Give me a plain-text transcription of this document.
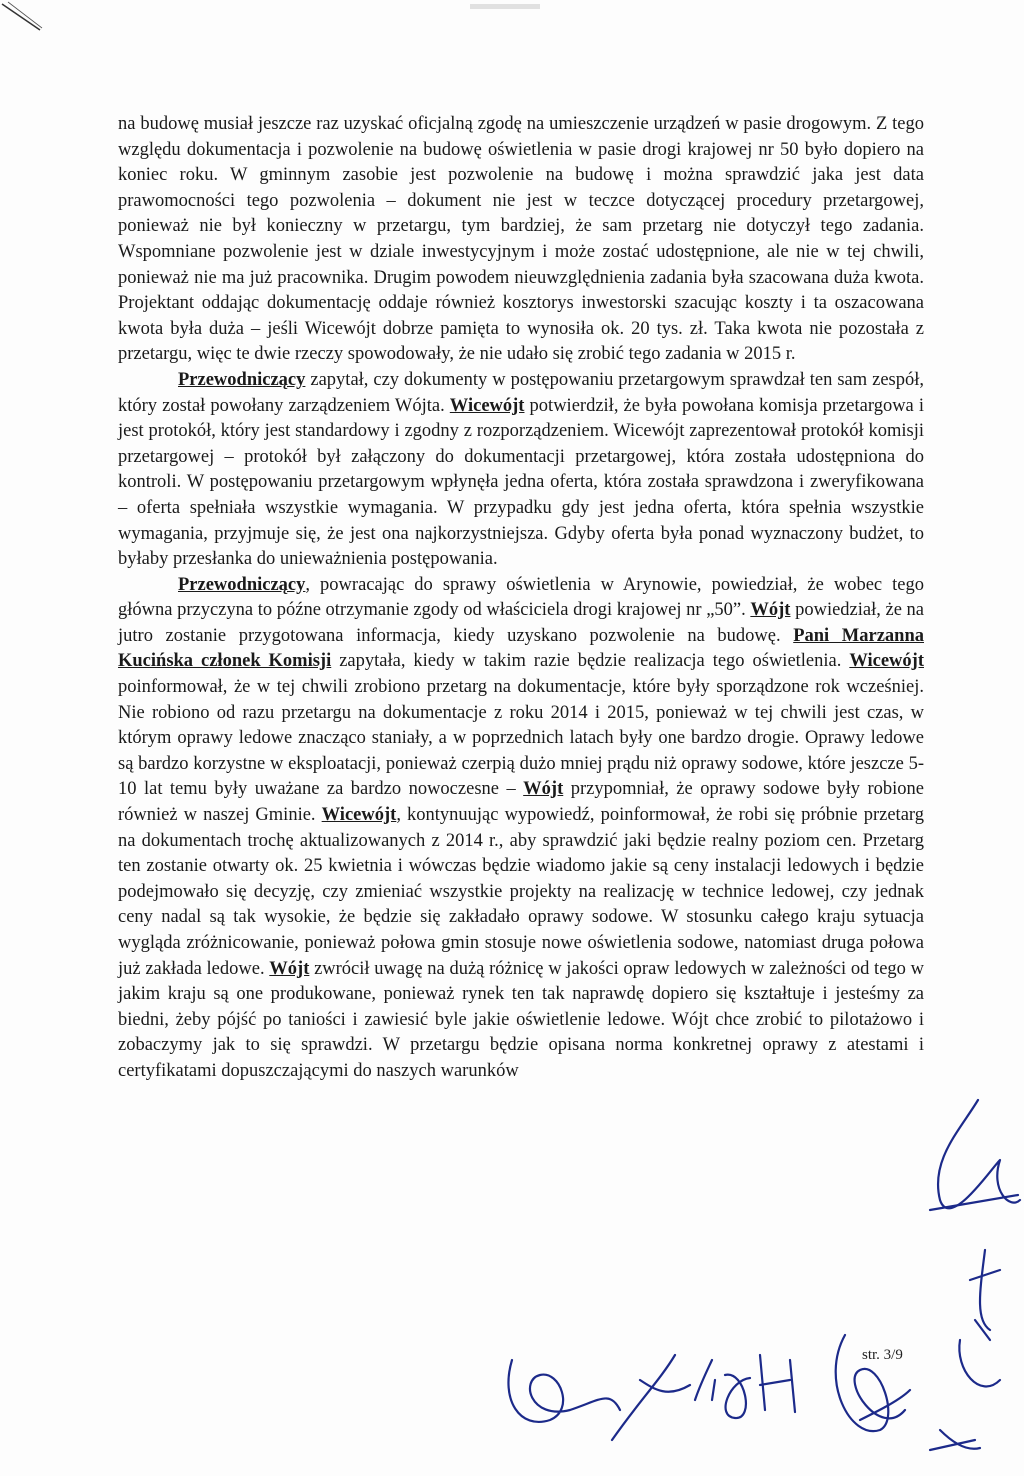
na budowę musiał jeszcze raz uzyskać oficjalną zgodę na umieszczenie urządzeń w pasie drogowym. Z tego względu dokumentacja i pozwolenie na budowę oświetlenia w pasie drogi krajowej nr 50 było dopiero na koniec roku. W gminnym zasobie jest pozwolenie na budowę i można sprawdzić jaka jest data prawomocności tego pozwolenia – dokument nie jest w teczce dotyczącej procedury przetargowej, ponieważ nie był konieczny w przetargu, tym bardziej, że sam przetarg nie dotyczył tego zadania. Wspomniane pozwolenie jest w dziale inwestycyjnym i może zostać udostępnione, ale nie w tej chwili, ponieważ nie ma już pracownika. Drugim powodem nieuwzględnienia zadania była szacowana duża kwota. Projektant oddając dokumentację oddaje również kosztorys inwestorski szacując koszty i ta oszacowana kwota była duża – jeśli Wicewójt dobrze pamięta to wynosiła ok. 20 tys. zł. Taka kwota nie pozostała z przetargu, więc te dwie rzeczy spowodowały, że nie udało się zrobić tego zadania w 2015 r.

Przewodniczący zapytał, czy dokumenty w postępowaniu przetargowym sprawdzał ten sam zespół, który został powołany zarządzeniem Wójta. Wicewójt potwierdził, że była powołana komisja przetargowa i jest protokół, który jest standardowy i zgodny z rozporządzeniem. Wicewójt zaprezentował protokół komisji przetargowej – protokół był załączony do dokumentacji przetargowej, która została udostępniona do kontroli. W postępowaniu przetargowym wpłynęła jedna oferta, która została sprawdzona i zweryfikowana – oferta spełniała wszystkie wymagania. W przypadku gdy jest jedna oferta, która spełnia wszystkie wymagania, przyjmuje się, że jest ona najkorzystniejsza. Gdyby oferta była ponad wyznaczony budżet, to byłaby przesłanka do unieważnienia postępowania.

Przewodniczący, powracając do sprawy oświetlenia w Arynowie, powiedział, że wobec tego główna przyczyna to późne otrzymanie zgody od właściciela drogi krajowej nr „50”. Wójt powiedział, że na jutro zostanie przygotowana informacja, kiedy uzyskano pozwolenie na budowę. Pani Marzanna Kucińska członek Komisji zapytała, kiedy w takim razie będzie realizacja tego oświetlenia. Wicewójt poinformował, że w tej chwili zrobiono przetarg na dokumentacje, które były sporządzone rok wcześniej. Nie robiono od razu przetargu na dokumentacje z roku 2014 i 2015, ponieważ w tej chwili jest czas, w którym oprawy ledowe znacząco staniały, a w poprzednich latach były one bardzo drogie. Oprawy ledowe są bardzo korzystne w eksploatacji, ponieważ czerpią dużo mniej prądu niż oprawy sodowe, które jeszcze 5-10 lat temu były uważane za bardzo nowoczesne – Wójt przypomniał, że oprawy sodowe były robione również w naszej Gminie. Wicewójt, kontynuując wypowiedź, poinformował, że robi się próbnie przetarg na dokumentach trochę aktualizowanych z 2014 r., aby sprawdzić jaki będzie realny poziom cen. Przetarg ten zostanie otwarty ok. 25 kwietnia i wówczas będzie wiadomo jakie są ceny instalacji ledowych i będzie podejmowało się decyzję, czy zmieniać wszystkie projekty na realizację w technice ledowej, czy jednak ceny nadal są tak wysokie, że będzie się zakładało oprawy sodowe. W stosunku całego kraju sytuacja wygląda zróżnicowanie, ponieważ połowa gmin stosuje nowe oświetlenia sodowe, natomiast druga połowa już zakłada ledowe. Wójt zwrócił uwagę na dużą różnicę w jakości opraw ledowych w zależności od tego w jakim kraju są one produkowane, ponieważ rynek ten tak naprawdę dopiero się kształtuje i jesteśmy za biedni, żeby pójść po taniości i zawiesić byle jakie oświetlenie ledowe. Wójt chce zrobić to pilotażowo i zobaczymy jak to się sprawdzi. W przetargu będzie opisana norma konkretnej oprawy z atestami i certyfikatami dopuszczającymi do naszych warunków

str. 3/9
